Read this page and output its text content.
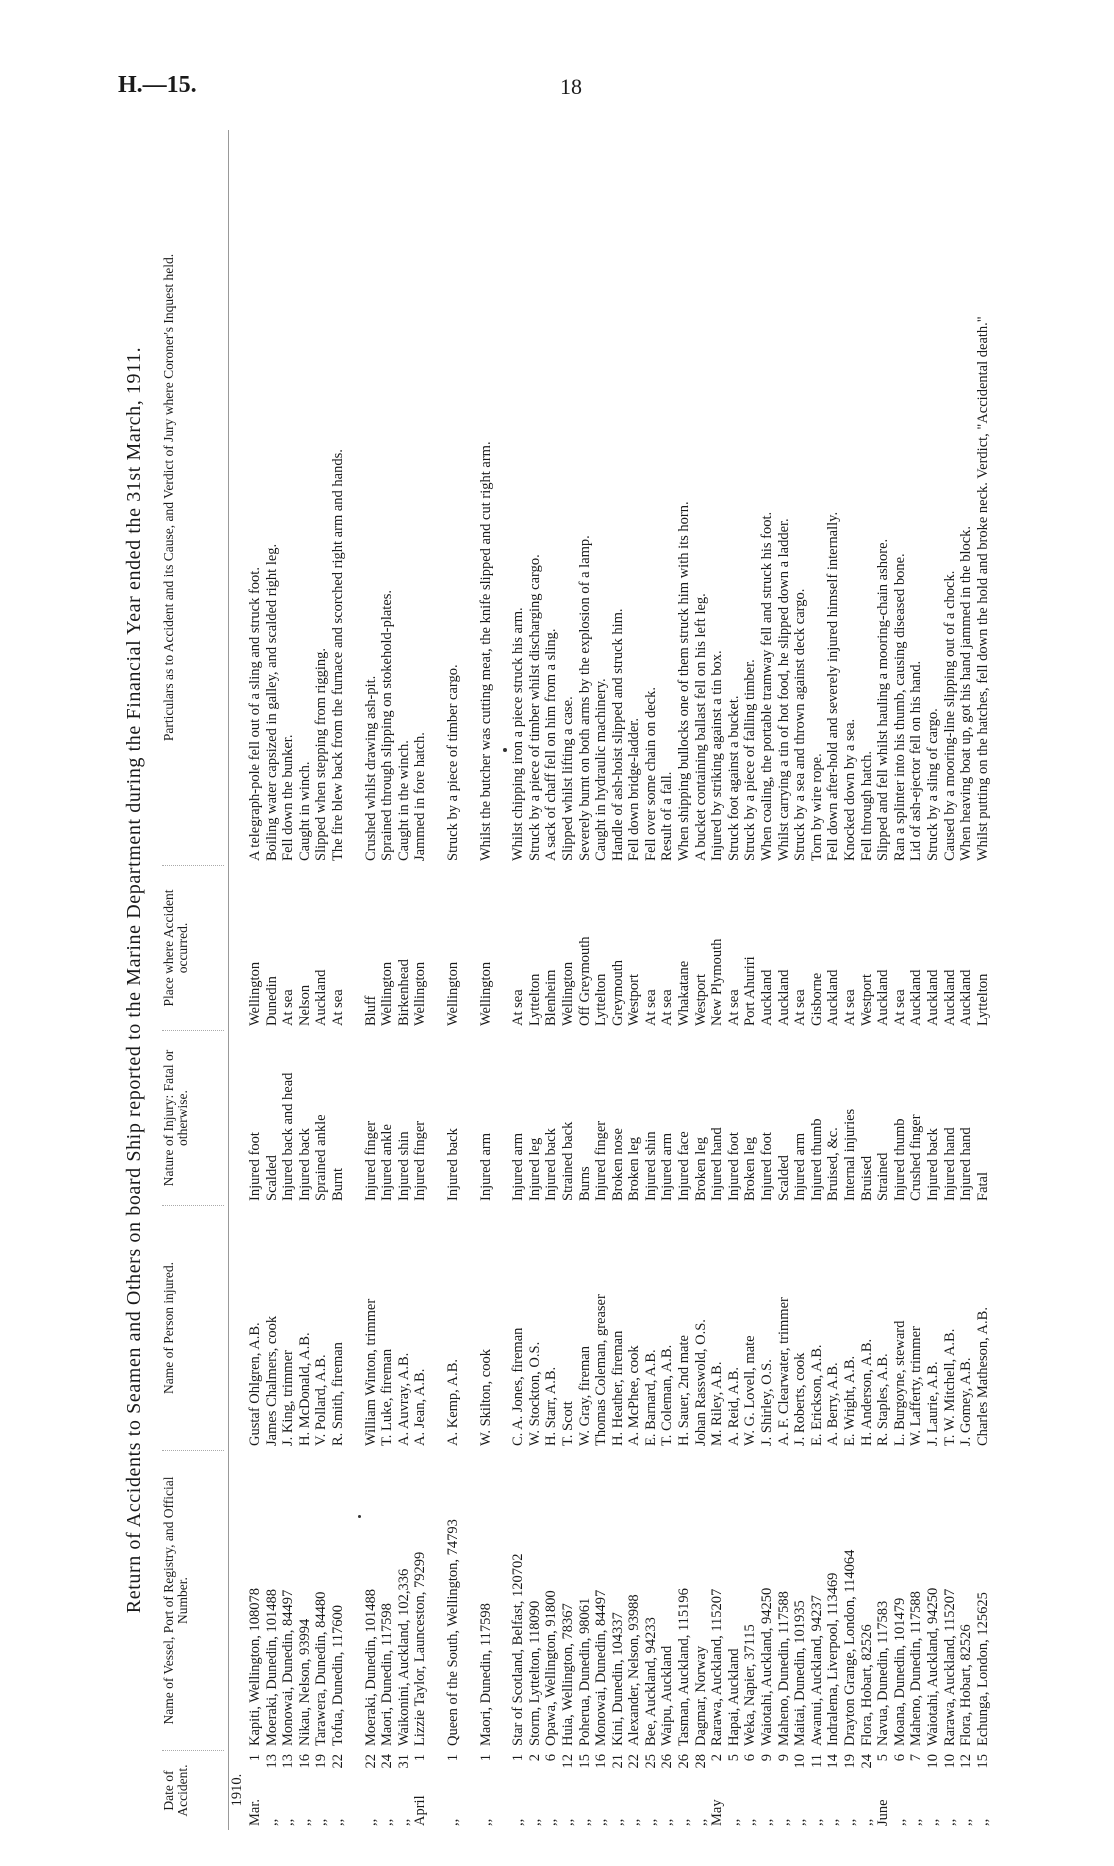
H.—15.	18
Return of Accidents to Seamen and Others on board Ship reported to the Marine Department during the Financial Year ended the 31st March, 1911.
Date of Accident.
Name of Vessel, Port of Registry, and Official Number.
Name of Person injured.
Nature of Injury: Fatal or otherwise.
Place where Accident occurred.
Particulars as to Accident and its Cause, and Verdict of Jury where Coroner's Inquest held.
1910.
Mar.
1
Kapiti, Wellington, 108078
Gustaf Ohlgren, A.B.
Injured foot
Wellington
A telegraph-pole fell out of a sling and struck foot.
,,
13
Moeraki, Dunedin, 101488
James Chalmers, cook
Scalded
Dunedin
Boiling water capsized in galley, and scalded right leg.
,,
13
Monowai, Dunedin, 84497
J. King, trimmer
Injured back and head
At sea
Fell down the bunker.
,,
16
Nikau, Nelson, 93994
H. McDonald, A.B.
Injured back
Nelson
Caught in winch.
,,
19
Tarawera, Dunedin, 84480
V. Pollard, A.B.
Sprained ankle
Auckland
Slipped when stepping from rigging.
,,
22
Tofua, Dunedin, 117600
R. Smith, fireman
Burnt
At sea
The fire blew back from the furnace and scorched right arm and hands.
,,
22
Moeraki, Dunedin, 101488
William Winton, trimmer
Injured finger
Bluff
Crushed whilst drawing ash-pit.
,,
24
Maori, Dunedin, 117598
T. Luke, fireman
Injured ankle
Wellington
Sprained through slipping on stokehold-plates.
,,
31
Waikonini, Auckland, 102,336
A. Auvray, A.B.
Injured shin
Birkenhead
Caught in the winch.
April
1
Lizzie Taylor, Launceston, 79299
A. Jean, A.B.
Injured finger
Wellington
Jammed in fore hatch.
,,
1
Queen of the South, Wellington, 74793
A. Kemp, A.B.
Injured back
Wellington
Struck by a piece of timber cargo.
,,
1
Maori, Dunedin, 117598
W. Skilton, cook
Injured arm
Wellington
Whilst the butcher was cutting meat, the knife slipped and cut right arm.
,,
1
Star of Scotland, Belfast, 120702
C. A. Jones, fireman
Injured arm
At sea
Whilst chipping iron a piece struck his arm.
,,
2
Storm, Lyttelton, 118090
W. Stockton, O.S.
Injured leg
Lyttelton
Struck by a piece of timber whilst discharging cargo.
,,
6
Opawa, Wellington, 91800
H. Starr, A.B.
Injured back
Blenheim
A sack of chaff fell on him from a sling.
,,
12
Huia, Wellington, 78367
T. Scott
Strained back
Wellington
Slipped whilst lifting a case.
,,
15
Poherua, Dunedin, 98061
W. Gray, fireman
Burns
Off Greymouth
Severely burnt on both arms by the explosion of a lamp.
,,
16
Monowai, Dunedin, 84497
Thomas Coleman, greaser
Injured finger
Lyttelton
Caught in hydraulic machinery.
,,
21
Kini, Dunedin, 104337
H. Heather, fireman
Broken nose
Greymouth
Handle of ash-hoist slipped and struck him.
,,
22
Alexander, Nelson, 93988
A. McPhee, cook
Broken leg
Westport
Fell down bridge-ladder.
,,
25
Bee, Auckland, 94233
E. Barnard, A.B.
Injured shin
At sea
Fell over some chain on deck.
,,
26
Waipu, Auckland
T. Coleman, A.B.
Injured arm
At sea
Result of a fall.
,,
26
Tasman, Auckland, 115196
H. Sauer, 2nd mate
Injured face
Whakatane
When shipping bullocks one of them struck him with its horn.
,,
28
Dagmar, Norway
Johan Rasswold, O.S.
Broken leg
Westport
A bucket containing ballast fell on his left leg.
May
2
Rarawa, Auckland, 115207
M. Riley, A.B.
Injured hand
New Plymouth
Injured by striking against a tin box.
,,
5
Hapai, Auckland
A. Reid, A.B.
Injured foot
At sea
Struck foot against a bucket.
,,
6
Weka, Napier, 37115
W. G. Lovell, mate
Broken leg
Port Ahuriri
Struck by a piece of falling timber.
,,
9
Waiotahi, Auckland, 94250
J. Shirley, O.S.
Injured foot
Auckland
When coaling, the portable tramway fell and struck his foot.
,,
9
Maheno, Dunedin, 117588
A. F. Clearwater, trimmer
Scalded
Auckland
Whilst carrying a tin of hot food, he slipped down a ladder.
,,
10
Maitai, Dunedin, 101935
J. Roberts, cook
Injured arm
At sea
Struck by a sea and thrown against deck cargo.
,,
11
Awanui, Auckland, 94237
E. Erickson, A.B.
Injured thumb
Gisborne
Torn by wire rope.
,,
14
Indralema, Liverpool, 113469
A. Berry, A.B.
Bruised, &c.
Auckland
Fell down after-hold and severely injured himself internally.
,,
19
Drayton Grange, London, 114064
E. Wright, A.B.
Internal injuries
At sea
Knocked down by a sea.
,,
24
Flora, Hobart, 82526
H. Anderson, A.B.
Bruised
Westport
Fell through hatch.
June
5
Navua, Dunedin, 117583
R. Staples, A.B.
Strained
Auckland
Slipped and fell whilst hauling a mooring-chain ashore.
,,
6
Moana, Dunedin, 101479
L. Burgoyne, steward
Injured thumb
At sea
Ran a splinter into his thumb, causing diseased bone.
,,
7
Maheno, Dunedin, 117588
W. Lafferty, trimmer
Crushed finger
Auckland
Lid of ash-ejector fell on his hand.
,,
10
Waiotahi, Auckland, 94250
J. Laurie, A.B.
Injured back
Auckland
Struck by a sling of cargo.
,,
10
Rarawa, Auckland, 115207
T. W. Mitchell, A.B.
Injured hand
Auckland
Caused by a mooring-line slipping out of a chock.
,,
12
Flora, Hobart, 82526
J. Gomey, A.B.
Injured hand
Auckland
When heaving boat up, got his hand jammed in the block.
,,
15
Echunga, London, 125625
Charles Matheson, A.B.
Fatal
Lyttelton
Whilst putting on the hatches, fell down the hold and broke neck. Verdict, "Accidental death."
